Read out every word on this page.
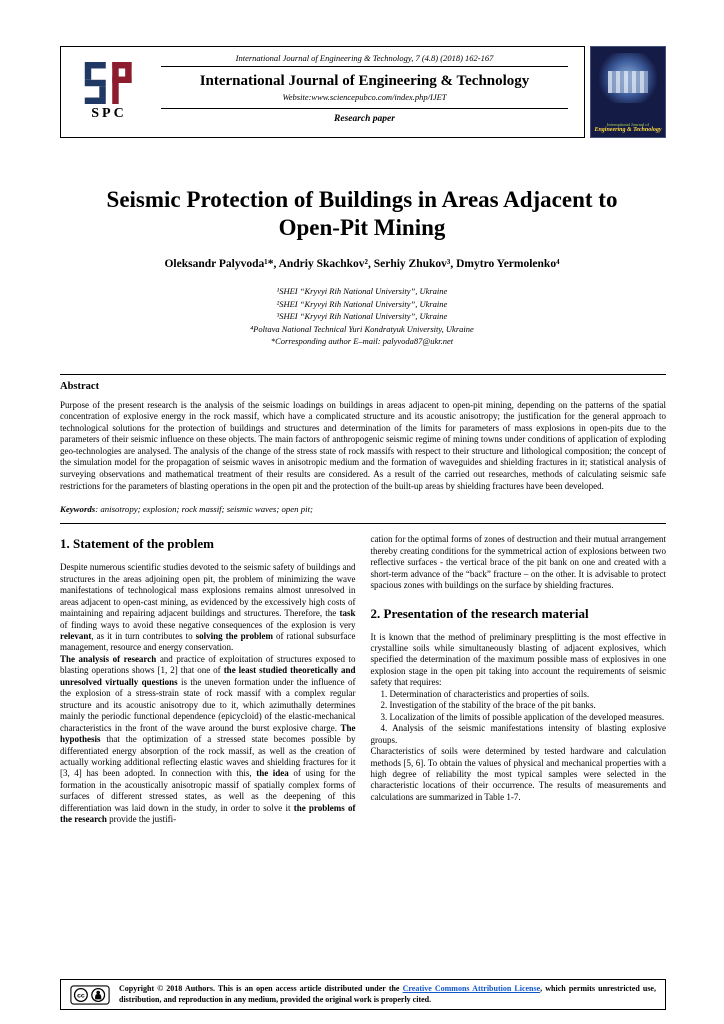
SPC
International Journal of Engineering & Technology, 7 (4.8) (2018) 162-167
International Journal of Engineering & Technology
Website:www.sciencepubco.com/index.php/IJET
Research paper
International Journal of
Engineering & Technology
Seismic Protection of Buildings in Areas Adjacent to Open-Pit Mining
Oleksandr Palyvoda¹*, Andriy Skachkov², Serhiy Zhukov³, Dmytro Yermolenko⁴
¹SHEI “Kryvyi Rih National University”, Ukraine
²SHEI “Kryvyi Rih National University”, Ukraine
³SHEI “Kryvyi Rih National University”, Ukraine
⁴Poltava National Technical Yuri Kondratyuk University, Ukraine
*Corresponding author E–mail: palyvoda87@ukr.net
Abstract

Purpose of the present research is the analysis of the seismic loadings on buildings in areas adjacent to open-pit mining, depending on the patterns of the spatial concentration of explosive energy in the rock massif, which have a complicated structure and its acoustic anisotropy; the justification for the general approach to technological solutions for the protection of buildings and structures and determination of the limits for parameters of mass explosions in open-pits due to the parameters of their seismic influence on these objects. The main factors of anthropogenic seismic regime of mining towns under conditions of application of exploding geo-technologies are analysed. The analysis of the change of the stress state of rock massifs with respect to their structure and lithological composition; the concept of the simulation model for the propagation of seismic waves in anisotropic medium and the formation of waveguides and shielding fractures in it; statistical analysis of surveying observations and mathematical treatment of their results are considered. As a result of the carried out researches, methods of calculating seismic safe restrictions for the parameters of blasting operations in the open pit and the protection of the built-up areas by shielding fractures have been developed.

Keywords: anisotropy; explosion; rock massif; seismic waves; open pit;

1. Statement of the problem

Despite numerous scientific studies devoted to the seismic safety of buildings and structures in the areas adjoining open pit, the problem of minimizing the wave manifestations of technological mass explosions remains almost unresolved in areas adjacent to open-cast mining, as evidenced by the excessively high costs of maintaining and repairing adjacent buildings and structures. Therefore, the task of finding ways to avoid these negative consequences of the explosion is very relevant, as it in turn contributes to solving the problem of rational subsurface management, resource and energy conservation.

The analysis of research and practice of exploitation of structures exposed to blasting operations shows [1, 2] that one of the least studied theoretically and unresolved virtually questions is the uneven formation under the influence of the explosion of a stress-strain state of rock massif with a complex regular structure and its acoustic anisotropy due to it, which azimuthally determines mainly the periodic functional dependence (epicycloid) of the elastic-mechanical characteristics in the front of the wave around the burst explosive charge. The hypothesis that the optimization of a stressed state becomes possible by differentiated energy absorption of the rock massif, as well as the creation of actually working additional reflecting elastic waves and shielding fractures for it [3, 4] has been adopted. In connection with this, the idea of using for the formation in the acoustically anisotropic massif of spatially complex forms of surfaces of different stressed states, as well as the deepening of this differentiation was laid down in the study, in order to solve it the problems of the research provide the justifi-

cation for the optimal forms of zones of destruction and their mutual arrangement thereby creating conditions for the symmetrical action of explosions between two reflective surfaces - the vertical brace of the pit bank on one and created with a short-term advance of the “back” fracture – on the other. It is advisable to protect spacious zones with buildings on the surface by shielding fractures.

2. Presentation of the research material

It is known that the method of preliminary presplitting is the most effective in crystalline soils while simultaneously blasting of adjacent explosives, which specified the determination of the maximum possible mass of explosives in one explosion stage in the open pit taking into account the requirements of seismic safety that requires:

1. Determination of characteristics and properties of soils.
2. Investigation of the stability of the brace of the pit banks.
3. Localization of the limits of possible application of the developed measures.
4. Analysis of the seismic manifestations intensity of blasting explosive groups.

Characteristics of soils were determined by tested hardware and calculation methods [5, 6]. To obtain the values of physical and mechanical properties with a high degree of reliability the most typical samples were selected in the characteristic locations of their occurrence. The results of measurements and calculations are summarized in Table 1-7.

cc

Copyright © 2018 Authors. This is an open access article distributed under the Creative Commons Attribution License, which permits unrestricted use, distribution, and reproduction in any medium, provided the original work is properly cited.
